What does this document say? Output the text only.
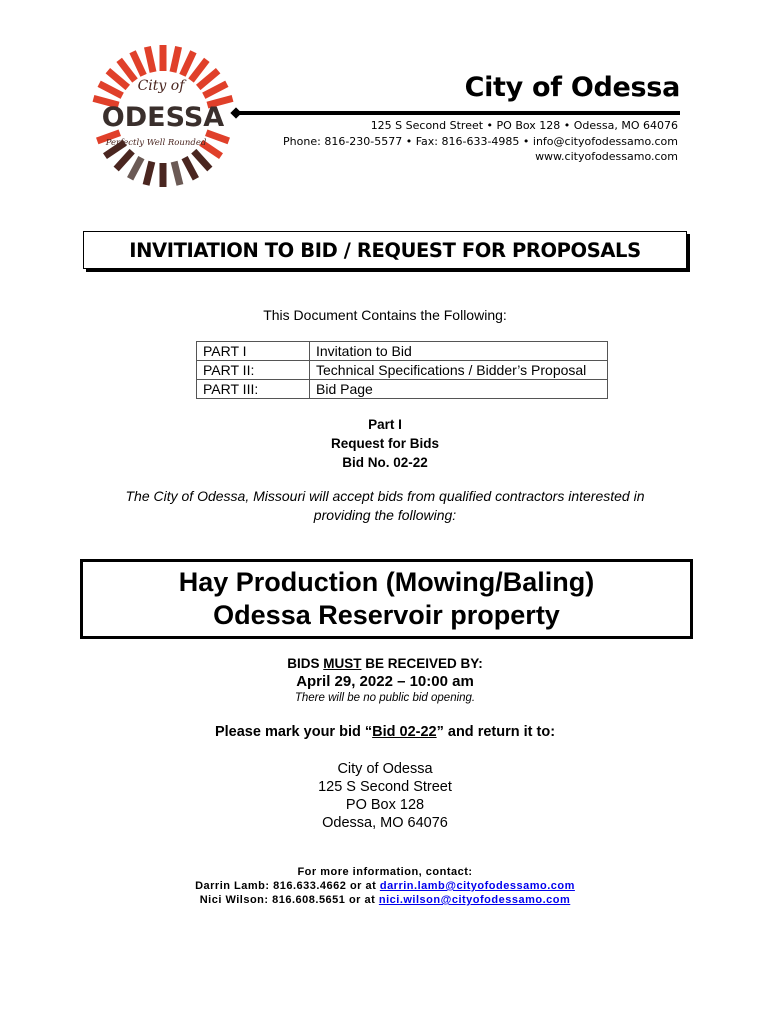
City of
ODESSA
Perfectly Well Rounded
City of Odessa
125 S Second Street • PO Box 128 • Odessa, MO 64076
Phone: 816-230-5577 • Fax: 816-633-4985 • info@cityofodessamo.com
www.cityofodessamo.com
INVITIATION TO BID / REQUEST FOR PROPOSALS
This Document Contains the Following:
PART I	Invitation to Bid
PART II:	Technical Specifications / Bidder’s Proposal
PART III:	Bid Page
Part I
Request for Bids
Bid No. 02-22
The City of Odessa, Missouri will accept bids from qualified contractors interested in
providing the following:
Hay Production (Mowing/Baling)
Odessa Reservoir property
BIDS MUST BE RECEIVED BY:
April 29, 2022 – 10:00 am
There will be no public bid opening.
Please mark your bid “Bid 02-22” and return it to:
City of Odessa
125 S Second Street
PO Box 128
Odessa, MO 64076
For more information, contact:
Darrin Lamb: 816.633.4662 or at darrin.lamb@cityofodessamo.com
Nici Wilson: 816.608.5651 or at nici.wilson@cityofodessamo.com
